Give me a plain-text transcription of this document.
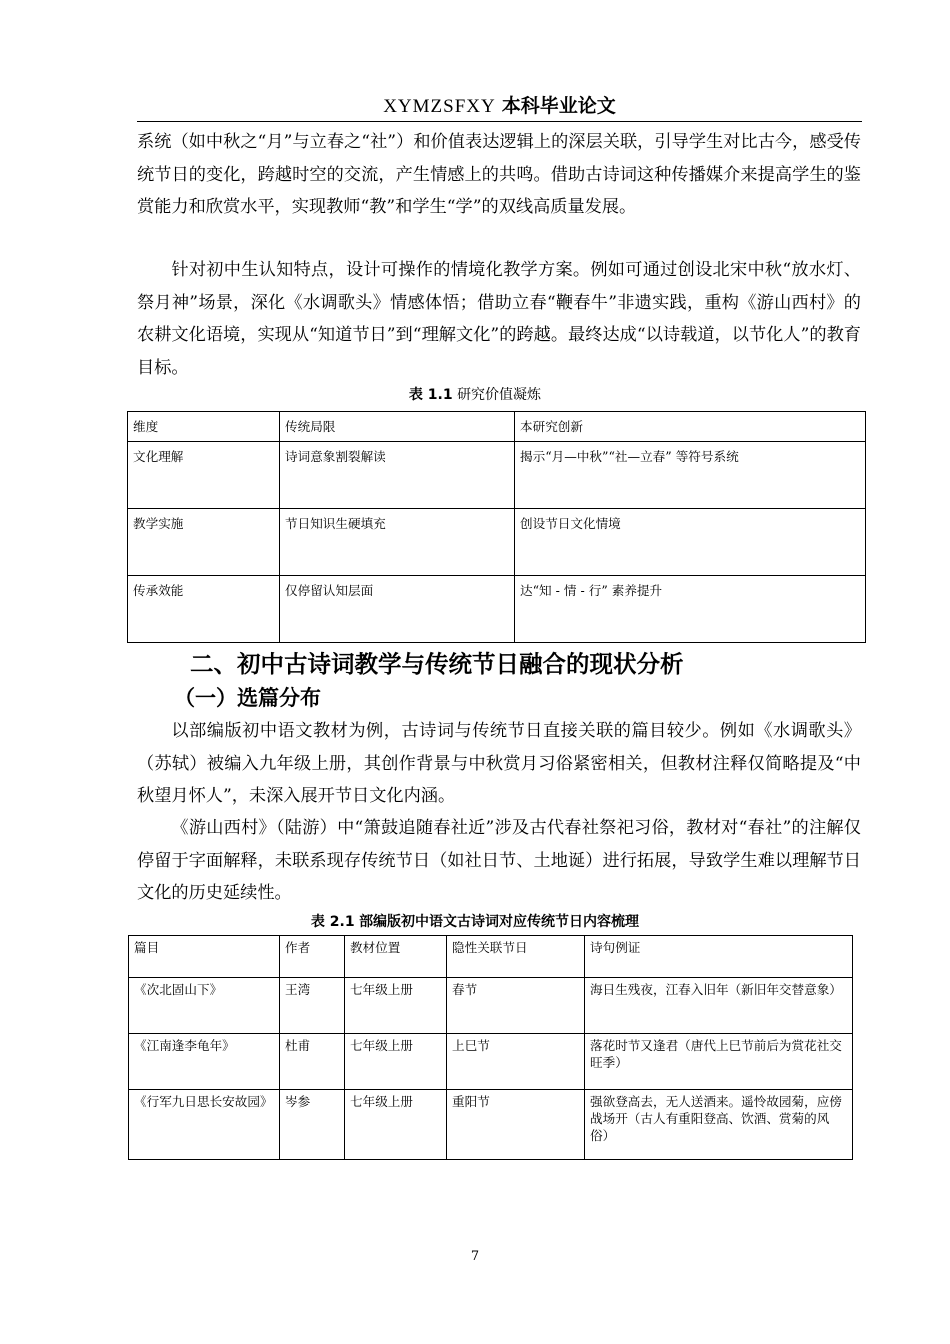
XYMZSFXY 本科毕业论文

系统（如中秋之“月”与立春之“社”）和价值表达逻辑上的深层关联，引导学生对比古今，感受传统节日的变化，跨越时空的交流，产生情感上的共鸣。借助古诗词这种传播媒介来提高学生的鉴赏能力和欣赏水平，实现教师“教”和学生“学”的双线高质量发展。

针对初中生认知特点，设计可操作的情境化教学方案。例如可通过创设北宋中秋“放水灯、祭月神”场景，深化《水调歌头》情感体悟；借助立春“鞭春牛”非遗实践，重构《游山西村》的农耕文化语境，实现从“知道节日”到“理解文化”的跨越。最终达成“以诗载道，以节化人”的教育目标。

表 1.1 研究价值凝炼
维度	传统局限	本研究创新
文化理解	诗词意象割裂解读	揭示“月—中秋”“社—立春” 等符号系统
教学实施	节日知识生硬填充	创设节日文化情境
传承效能	仅停留认知层面	达“知 - 情 - 行” 素养提升
二、初中古诗词教学与传统节日融合的现状分析
（一）选篇分布

以部编版初中语文教材为例，古诗词与传统节日直接关联的篇目较少。例如《水调歌头》（苏轼）被编入九年级上册，其创作背景与中秋赏月习俗紧密相关，但教材注释仅简略提及“中秋望月怀人”，未深入展开节日文化内涵。

《游山西村》（陆游）中“箫鼓追随春社近”涉及古代春社祭祀习俗，教材对“春社”的注解仅停留于字面解释，未联系现存传统节日（如社日节、土地诞）进行拓展，导致学生难以理解节日文化的历史延续性。

表 2.1 部编版初中语文古诗词对应传统节日内容梳理
篇目	作者	教材位置	隐性关联节日	诗句例证
《次北固山下》	王湾	七年级上册	春节	海日生残夜，江春入旧年（新旧年交替意象）
《江南逢李龟年》	杜甫	七年级上册	上巳节	落花时节又逢君（唐代上巳节前后为赏花社交旺季）
《行军九日思长安故园》	岑参	七年级上册	重阳节	强欲登高去，无人送酒来。遥怜故园菊，应傍战场开（古人有重阳登高、饮酒、赏菊的风俗）
7
